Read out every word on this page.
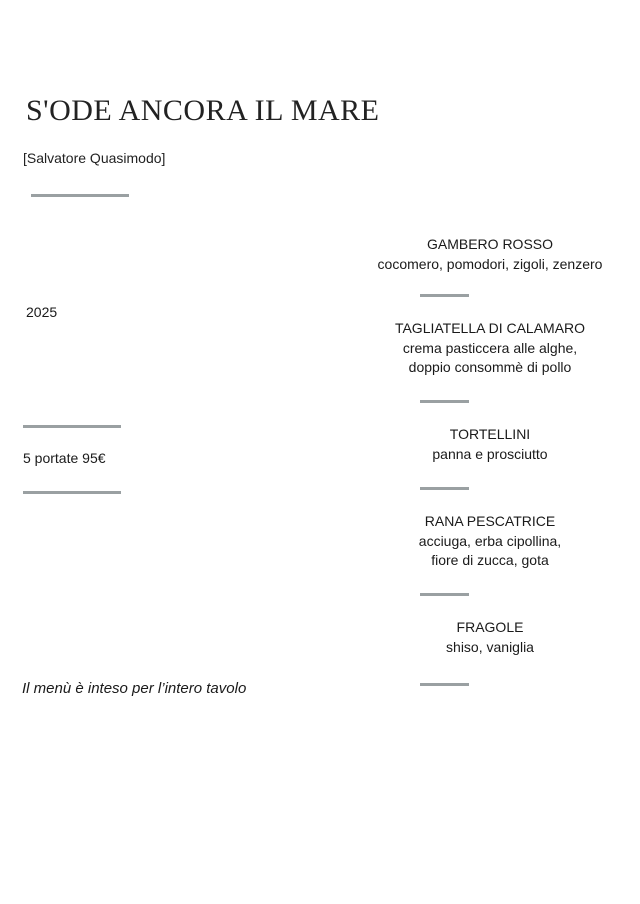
S'ODE ANCORA IL MARE
[Salvatore Quasimodo]
2025
5 portate 95€
Il menù è inteso per l’intero tavolo
GAMBERO ROSSO
cocomero, pomodori, zigoli, zenzero
TAGLIATELLA DI CALAMARO
crema pasticcera alle alghe,
doppio consommè di pollo
TORTELLINI
panna e prosciutto
RANA PESCATRICE
acciuga, erba cipollina,
fiore di zucca, gota
FRAGOLE
shiso, vaniglia
